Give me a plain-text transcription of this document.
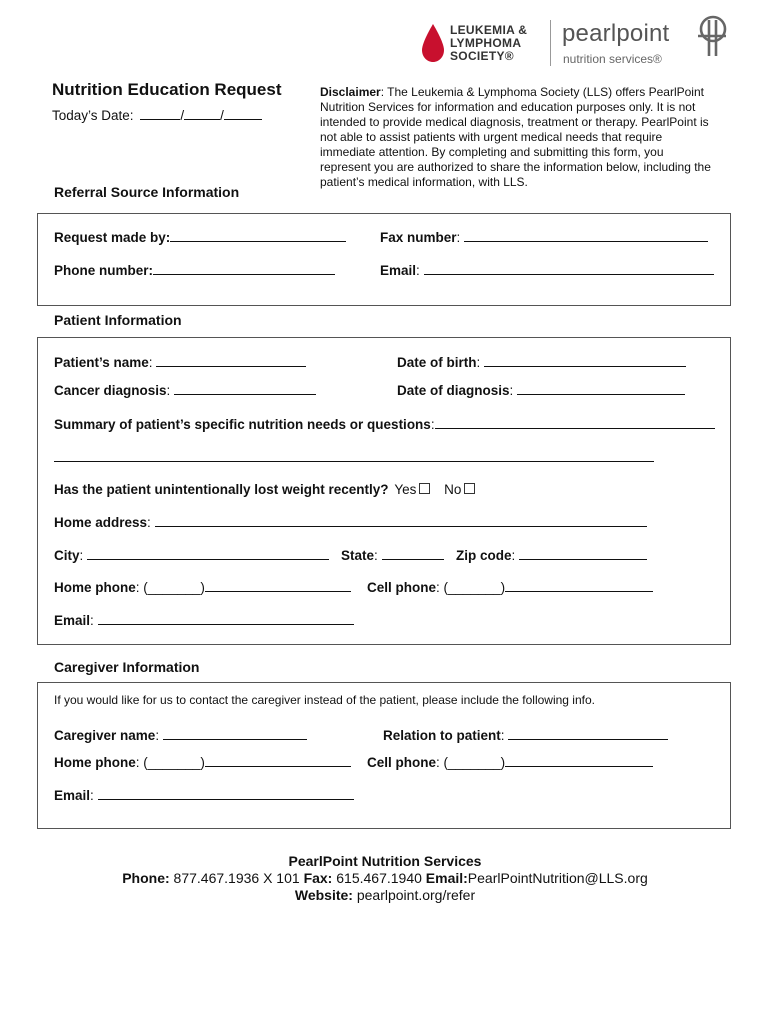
LEUKEMIA &
LYMPHOMA
SOCIETY®
pearlpoint
nutrition services®
Nutrition Education Request
Today’s Date:	/	/
Disclaimer: The Leukemia & Lymphoma Society (LLS) offers PearlPoint Nutrition Services for information and education purposes only. It is not intended to provide medical diagnosis, treatment or therapy. PearlPoint is not able to assist patients with urgent medical needs that require immediate attention. By completing and submitting this form, you represent you are authorized to share the information below, including the patient’s medical information, with LLS.
Referral Source Information
Request made by:	Fax number:
Phone number:	Email:
Patient Information
Patient’s name:	Date of birth:
Cancer diagnosis:	Date of diagnosis:
Summary of patient’s specific nutrition needs or questions:
Has the patient unintentionally lost weight recently? Yes No
Home address:
City:	State:	Zip code:
Home phone: (_______)	Cell phone: (_______)
Email:
Caregiver Information
If you would like for us to contact the caregiver instead of the patient, please include the following info.
Caregiver name:	Relation to patient:
Home phone: (_______)	Cell phone: (_______)
Email:
PearlPoint Nutrition Services
Phone: 877.467.1936 X 101 Fax: 615.467.1940 Email:PearlPointNutrition@LLS.org
Website: pearlpoint.org/refer
